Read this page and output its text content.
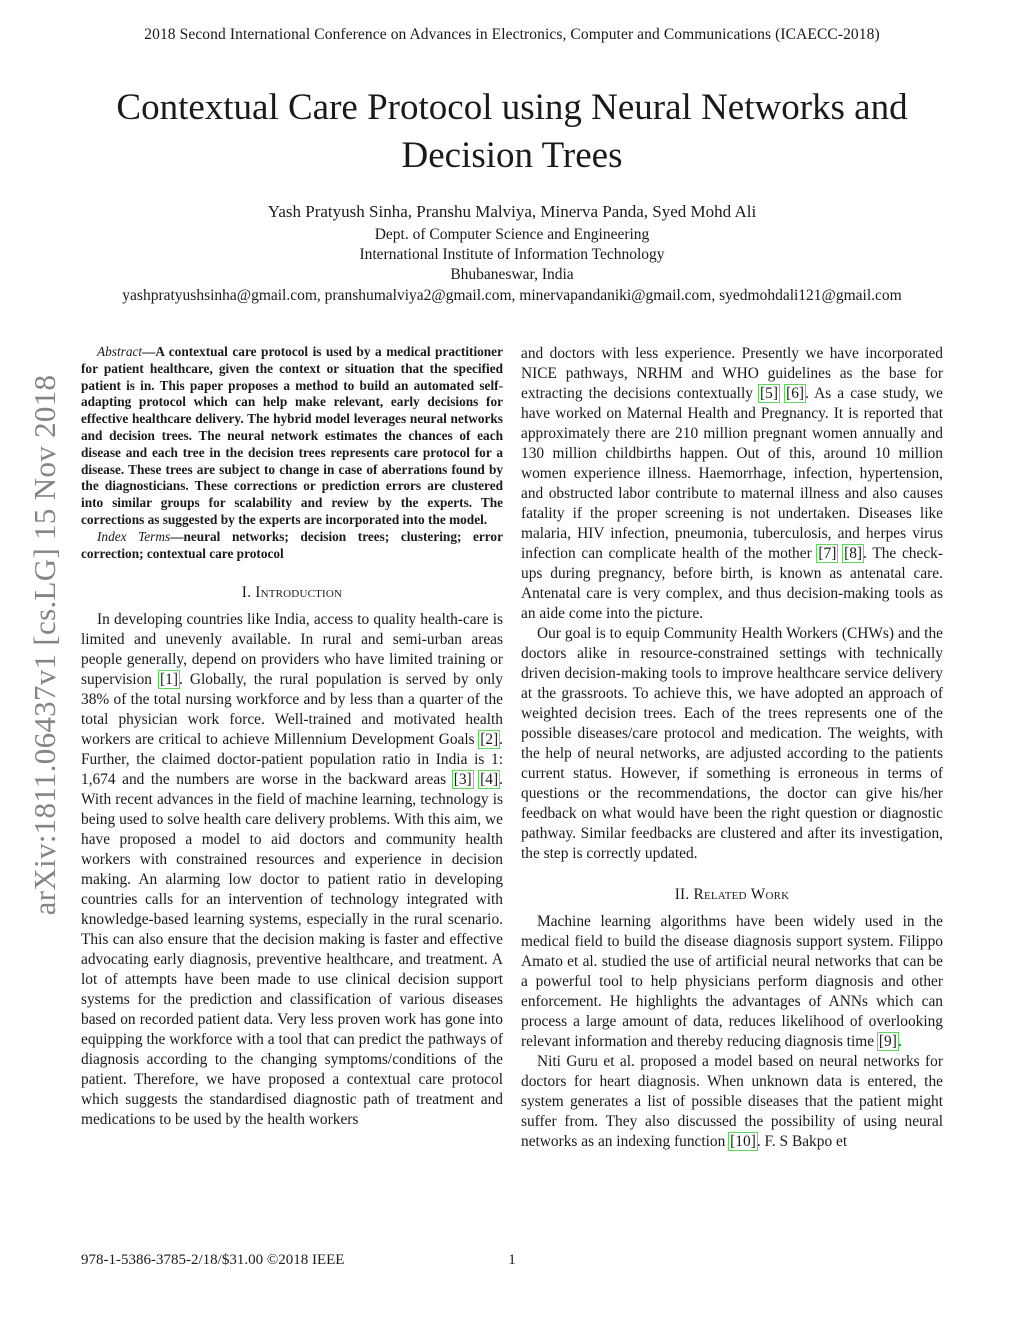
2018 Second International Conference on Advances in Electronics, Computer and Communications (ICAECC-2018)
Contextual Care Protocol using Neural Networks and Decision Trees
Yash Pratyush Sinha, Pranshu Malviya, Minerva Panda, Syed Mohd Ali
Dept. of Computer Science and Engineering
International Institute of Information Technology
Bhubaneswar, India
yashpratyushsinha@gmail.com, pranshumalviya2@gmail.com, minervapandaniki@gmail.com, syedmohdali121@gmail.com
arXiv:1811.06437v1 [cs.LG] 15 Nov 2018

Abstract—A contextual care protocol is used by a medical practitioner for patient healthcare, given the context or situation that the specified patient is in. This paper proposes a method to build an automated self-adapting protocol which can help make relevant, early decisions for effective healthcare delivery. The hybrid model leverages neural networks and decision trees. The neural network estimates the chances of each disease and each tree in the decision trees represents care protocol for a disease. These trees are subject to change in case of aberrations found by the diagnosticians. These corrections or prediction errors are clustered into similar groups for scalability and review by the experts. The corrections as suggested by the experts are incorporated into the model.

Index Terms—neural networks; decision trees; clustering; error correction; contextual care protocol

I. Introduction

In developing countries like India, access to quality health-care is limited and unevenly available. In rural and semi-urban areas people generally, depend on providers who have limited training or supervision [1]. Globally, the rural population is served by only 38% of the total nursing workforce and by less than a quarter of the total physician work force. Well-trained and motivated health workers are critical to achieve Millennium Development Goals [2]. Further, the claimed doctor-patient population ratio in India is 1: 1,674 and the numbers are worse in the backward areas [3] [4]. With recent advances in the field of machine learning, technology is being used to solve health care delivery problems. With this aim, we have proposed a model to aid doctors and community health workers with constrained resources and experience in decision making. An alarming low doctor to patient ratio in developing countries calls for an intervention of technology integrated with knowledge-based learning systems, especially in the rural scenario. This can also ensure that the decision making is faster and effective advocating early diagnosis, preventive healthcare, and treatment. A lot of attempts have been made to use clinical decision support systems for the prediction and classification of various diseases based on recorded patient data. Very less proven work has gone into equipping the workforce with a tool that can predict the pathways of diagnosis according to the changing symptoms/conditions of the patient. Therefore, we have proposed a contextual care protocol which suggests the standardised diagnostic path of treatment and medications to be used by the health workers

and doctors with less experience. Presently we have incorporated NICE pathways, NRHM and WHO guidelines as the base for extracting the decisions contextually [5] [6]. As a case study, we have worked on Maternal Health and Pregnancy. It is reported that approximately there are 210 million pregnant women annually and 130 million childbirths happen. Out of this, around 10 million women experience illness. Haemorrhage, infection, hypertension, and obstructed labor contribute to maternal illness and also causes fatality if the proper screening is not undertaken. Diseases like malaria, HIV infection, pneumonia, tuberculosis, and herpes virus infection can complicate health of the mother [7] [8]. The check-ups during pregnancy, before birth, is known as antenatal care. Antenatal care is very complex, and thus decision-making tools as an aide come into the picture.

Our goal is to equip Community Health Workers (CHWs) and the doctors alike in resource-constrained settings with technically driven decision-making tools to improve healthcare service delivery at the grassroots. To achieve this, we have adopted an approach of weighted decision trees. Each of the trees represents one of the possible diseases/care protocol and medication. The weights, with the help of neural networks, are adjusted according to the patients current status. However, if something is erroneous in terms of questions or the recommendations, the doctor can give his/her feedback on what would have been the right question or diagnostic pathway. Similar feedbacks are clustered and after its investigation, the step is correctly updated.

II. Related Work

Machine learning algorithms have been widely used in the medical field to build the disease diagnosis support system. Filippo Amato et al. studied the use of artificial neural networks that can be a powerful tool to help physicians perform diagnosis and other enforcement. He highlights the advantages of ANNs which can process a large amount of data, reduces likelihood of overlooking relevant information and thereby reducing diagnosis time [9].

Niti Guru et al. proposed a model based on neural networks for doctors for heart diagnosis. When unknown data is entered, the system generates a list of possible diseases that the patient might suffer from. They also discussed the possibility of using neural networks as an indexing function [10]. F. S Bakpo et

978-1-5386-3785-2/18/$31.00 ©2018 IEEE	1
